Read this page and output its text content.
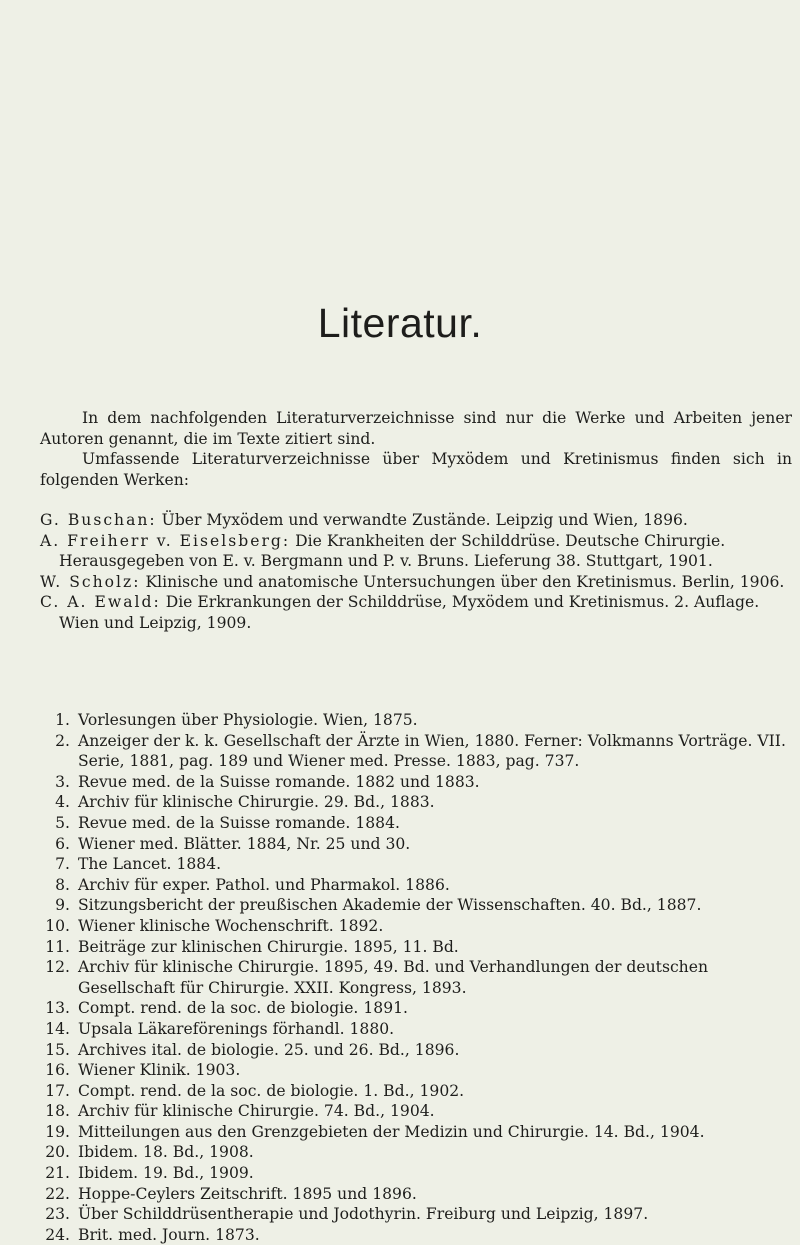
Literatur.

In dem nachfolgenden Literaturverzeichnisse sind nur die Werke und Arbeiten jener Autoren genannt, die im Texte zitiert sind.

Umfassende Literaturverzeichnisse über Myxödem und Kretinismus finden sich in folgenden Werken:

G. Buschan: Über Myxödem und verwandte Zustände. Leipzig und Wien, 1896.

A. Freiherr v. Eiselsberg: Die Krankheiten der Schilddrüse. Deutsche Chirurgie. Herausgegeben von E. v. Bergmann und P. v. Bruns. Lieferung 38. Stuttgart, 1901.

W. Scholz: Klinische und anatomische Untersuchungen über den Kretinismus. Berlin, 1906.

C. A. Ewald: Die Erkrankungen der Schilddrüse, Myxödem und Kretinismus. 2. Auflage. Wien und Leipzig, 1909.

1. Vorlesungen über Physiologie. Wien, 1875.
2. Anzeiger der k. k. Gesellschaft der Ärzte in Wien, 1880. Ferner: Volkmanns Vorträge. VII. Serie, 1881, pag. 189 und Wiener med. Presse. 1883, pag. 737.
3. Revue med. de la Suisse romande. 1882 und 1883.
4. Archiv für klinische Chirurgie. 29. Bd., 1883.
5. Revue med. de la Suisse romande. 1884.
6. Wiener med. Blätter. 1884, Nr. 25 und 30.
7. The Lancet. 1884.
8. Archiv für exper. Pathol. und Pharmakol. 1886.
9. Sitzungsbericht der preußischen Akademie der Wissenschaften. 40. Bd., 1887.
10. Wiener klinische Wochenschrift. 1892.
11. Beiträge zur klinischen Chirurgie. 1895, 11. Bd.
12. Archiv für klinische Chirurgie. 1895, 49. Bd. und Verhandlungen der deutschen Gesellschaft für Chirurgie. XXII. Kongress, 1893.
13. Compt. rend. de la soc. de biologie. 1891.
14. Upsala Läkareförenings förhandl. 1880.
15. Archives ital. de biologie. 25. und 26. Bd., 1896.
16. Wiener Klinik. 1903.
17. Compt. rend. de la soc. de biologie. 1. Bd., 1902.
18. Archiv für klinische Chirurgie. 74. Bd., 1904.
19. Mitteilungen aus den Grenzgebieten der Medizin und Chirurgie. 14. Bd., 1904.
20. Ibidem. 18. Bd., 1908.
21. Ibidem. 19. Bd., 1909.
22. Hoppe-Ceylers Zeitschrift. 1895 und 1896.
23. Über Schilddrüsentherapie und Jodothyrin. Freiburg und Leipzig, 1897.
24. Brit. med. Journ. 1873.
